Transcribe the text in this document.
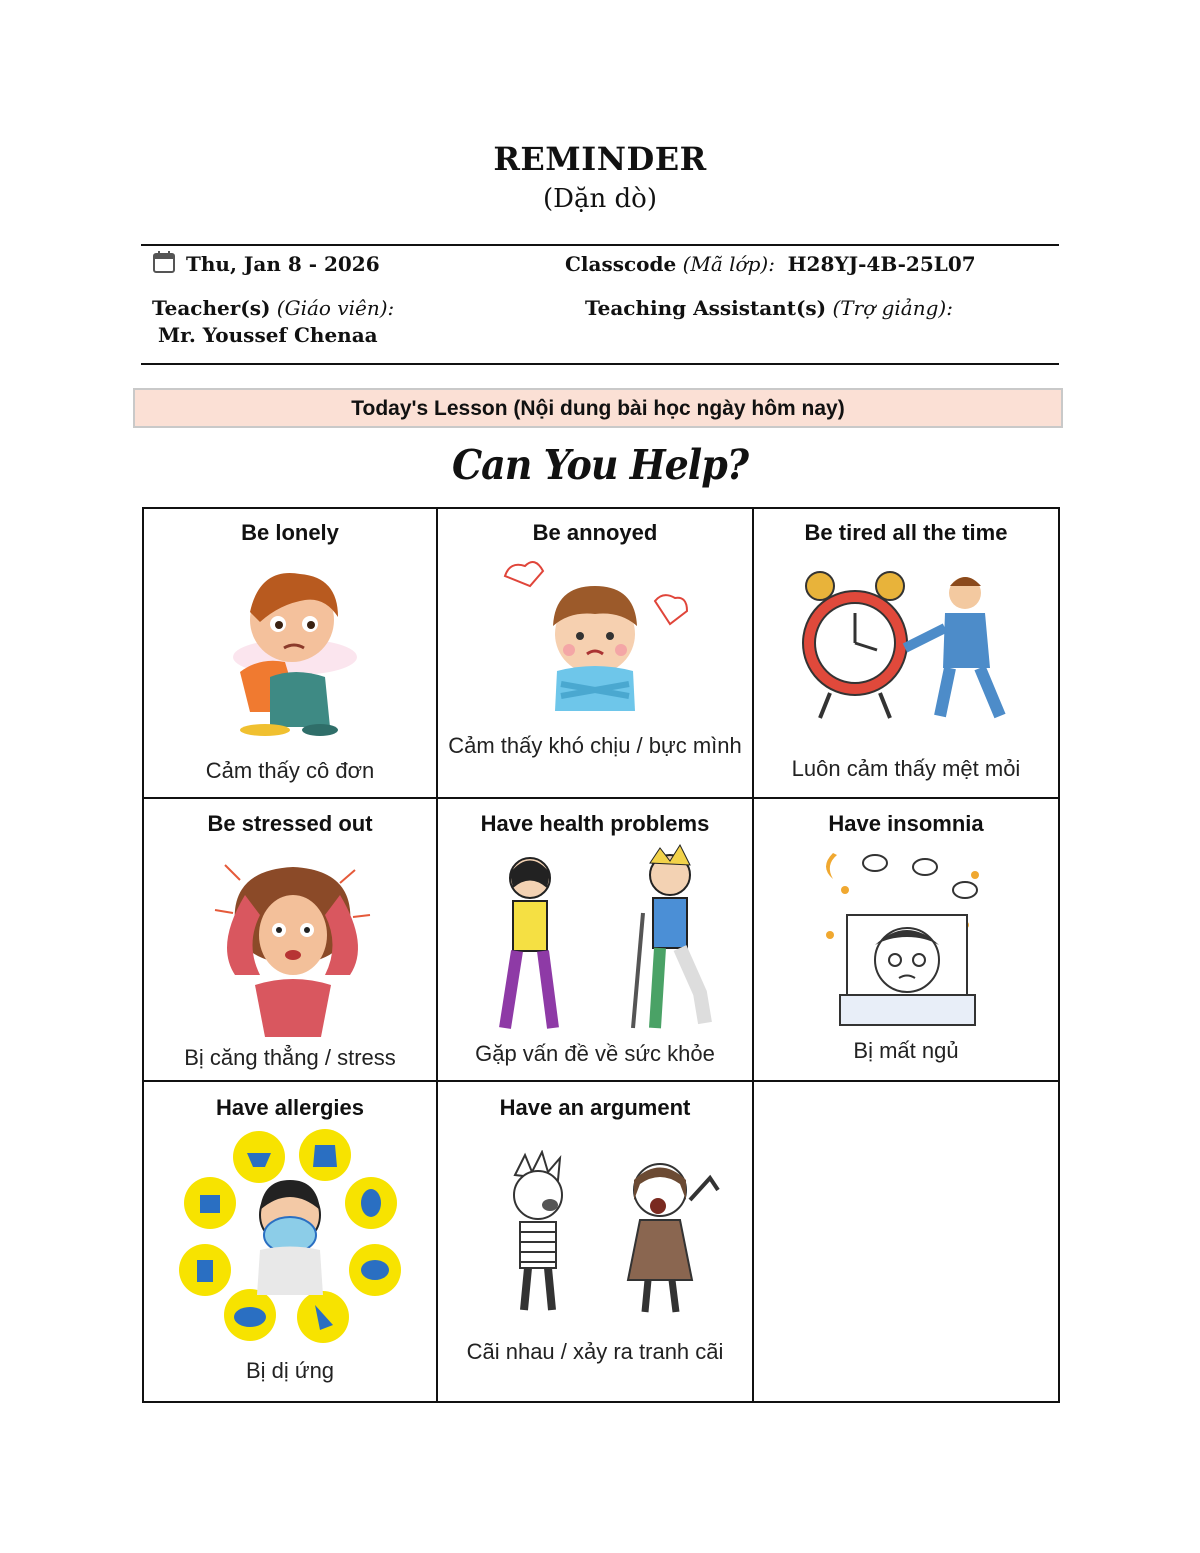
REMINDER
(Dặn dò)
Thu, Jan 8 - 2026	Classcode (Mã lớp): H28YJ-4B-25L07
Teacher(s) (Giáo viên):
Mr. Youssef Chenaa
Teaching Assistant(s) (Trợ giảng):
Today's Lesson (Nội dung bài học ngày hôm nay)
Can You Help?
Be lonely
Cảm thấy cô đơn
Be annoyed
Cảm thấy khó chịu / bực mình
Be tired all the time
Luôn cảm thấy mệt mỏi
Be stressed out
Bị căng thẳng / stress
Have health problems
Gặp vấn đề về sức khỏe
Have insomnia
Bị mất ngủ
Have allergies
Bị dị ứng
Have an argument
Cãi nhau / xảy ra tranh cãi
